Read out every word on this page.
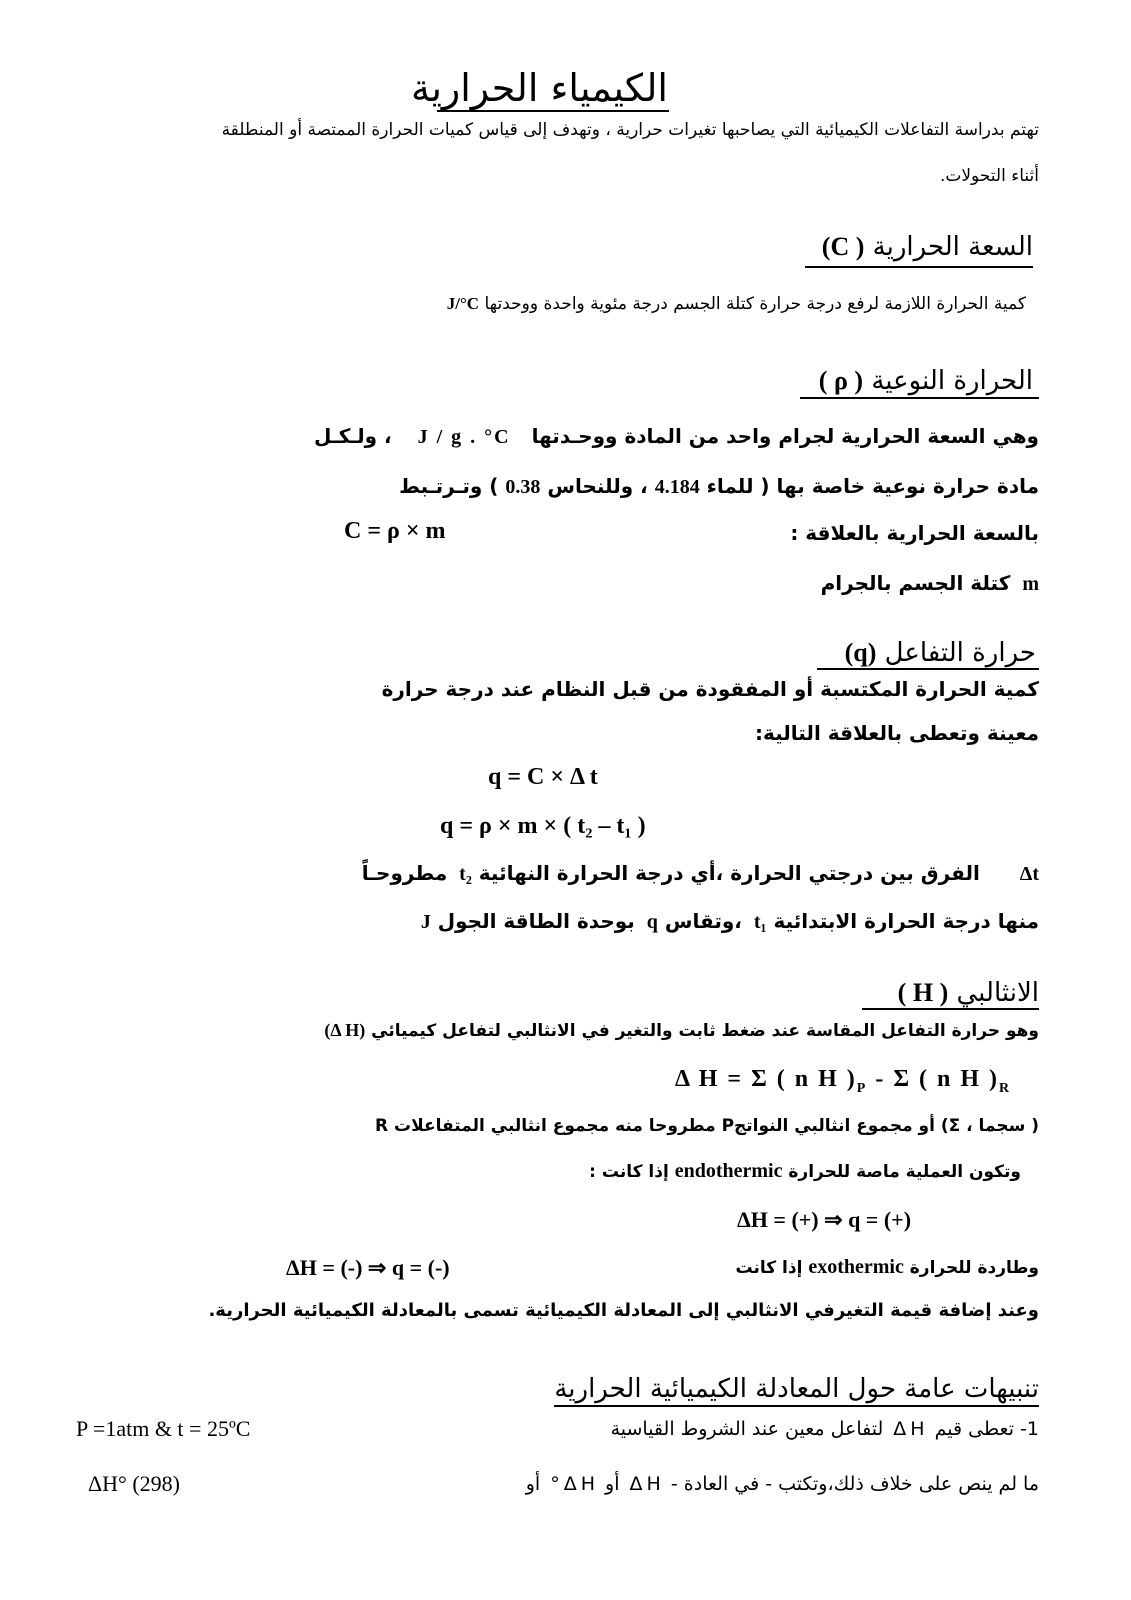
الكيمياء الحرارية
تهتم بدراسة التفاعلات الكيميائية التي يصاحبها تغيرات حرارية ، وتهدف إلى قياس كميات الحرارة الممتصة أو المنطلقة
أثناء التحولات.
السعة الحرارية ( C)
كمية الحرارة اللازمة لرفع درجة حرارة كتلة الجسم درجة مئوية واحدة ووحدتها J/°C
الحرارة النوعية ( ρ )
وهي السعة الحرارية لجرام واحد من المادة ووحـدتها J / g . °C ، ولـكـل
مادة حرارة نوعية خاصة بها ( للماء 4.184 ، وللنحاس 0.38 ) وتـرتـبط
بالسعة الحرارية بالعلاقة :
C = ρ × m
m كتلة الجسم بالجرام
حرارة التفاعل (q)
كمية الحرارة المكتسبة أو المفقودة من قبل النظام عند درجة حرارة
معينة وتعطى بالعلاقة التالية:
q = C × Δ t
q = ρ × m × ( t₂ – t₁ )
Δt الفرق بين درجتي الحرارة ،أي درجة الحرارة النهائية t₂ مطروحـاً
منها درجة الحرارة الابتدائية t₁ ،وتقاس q بوحدة الطاقة الجول J
الانثالبي ( H )
وهو حرارة التفاعل المقاسة عند ضغط ثابت والتغير في الانثالبي لتفاعل كيميائي (Δ H)
Δ H = Σ ( n H )$_P$ - Σ ( n H )$_R$
( سجما ، Σ) أو مجموع انثالبي النواتجP مطروحا منه مجموع انثالبي المتفاعلات R
وتكون العملية ماصة للحرارة endothermic إذا كانت :
ΔH = (+) ⇒ q = (+)
وطاردة للحرارة exothermic إذا كانت
ΔH = (-) ⇒ q = (-)
وعند إضافة قيمة التغيرفي الانثالبي إلى المعادلة الكيميائية تسمى بالمعادلة الكيميائية الحرارية.
تنبيهات عامة حول المعادلة الكيميائية الحرارية
1- تعطى قيم ΔH لتفاعل معين عند الشروط القياسية
P =1atm & t = 25ºC
ما لم ينص على خلاف ذلك،وتكتب - في العادة - ΔH أو ΔH° أو
ΔH° (298)
